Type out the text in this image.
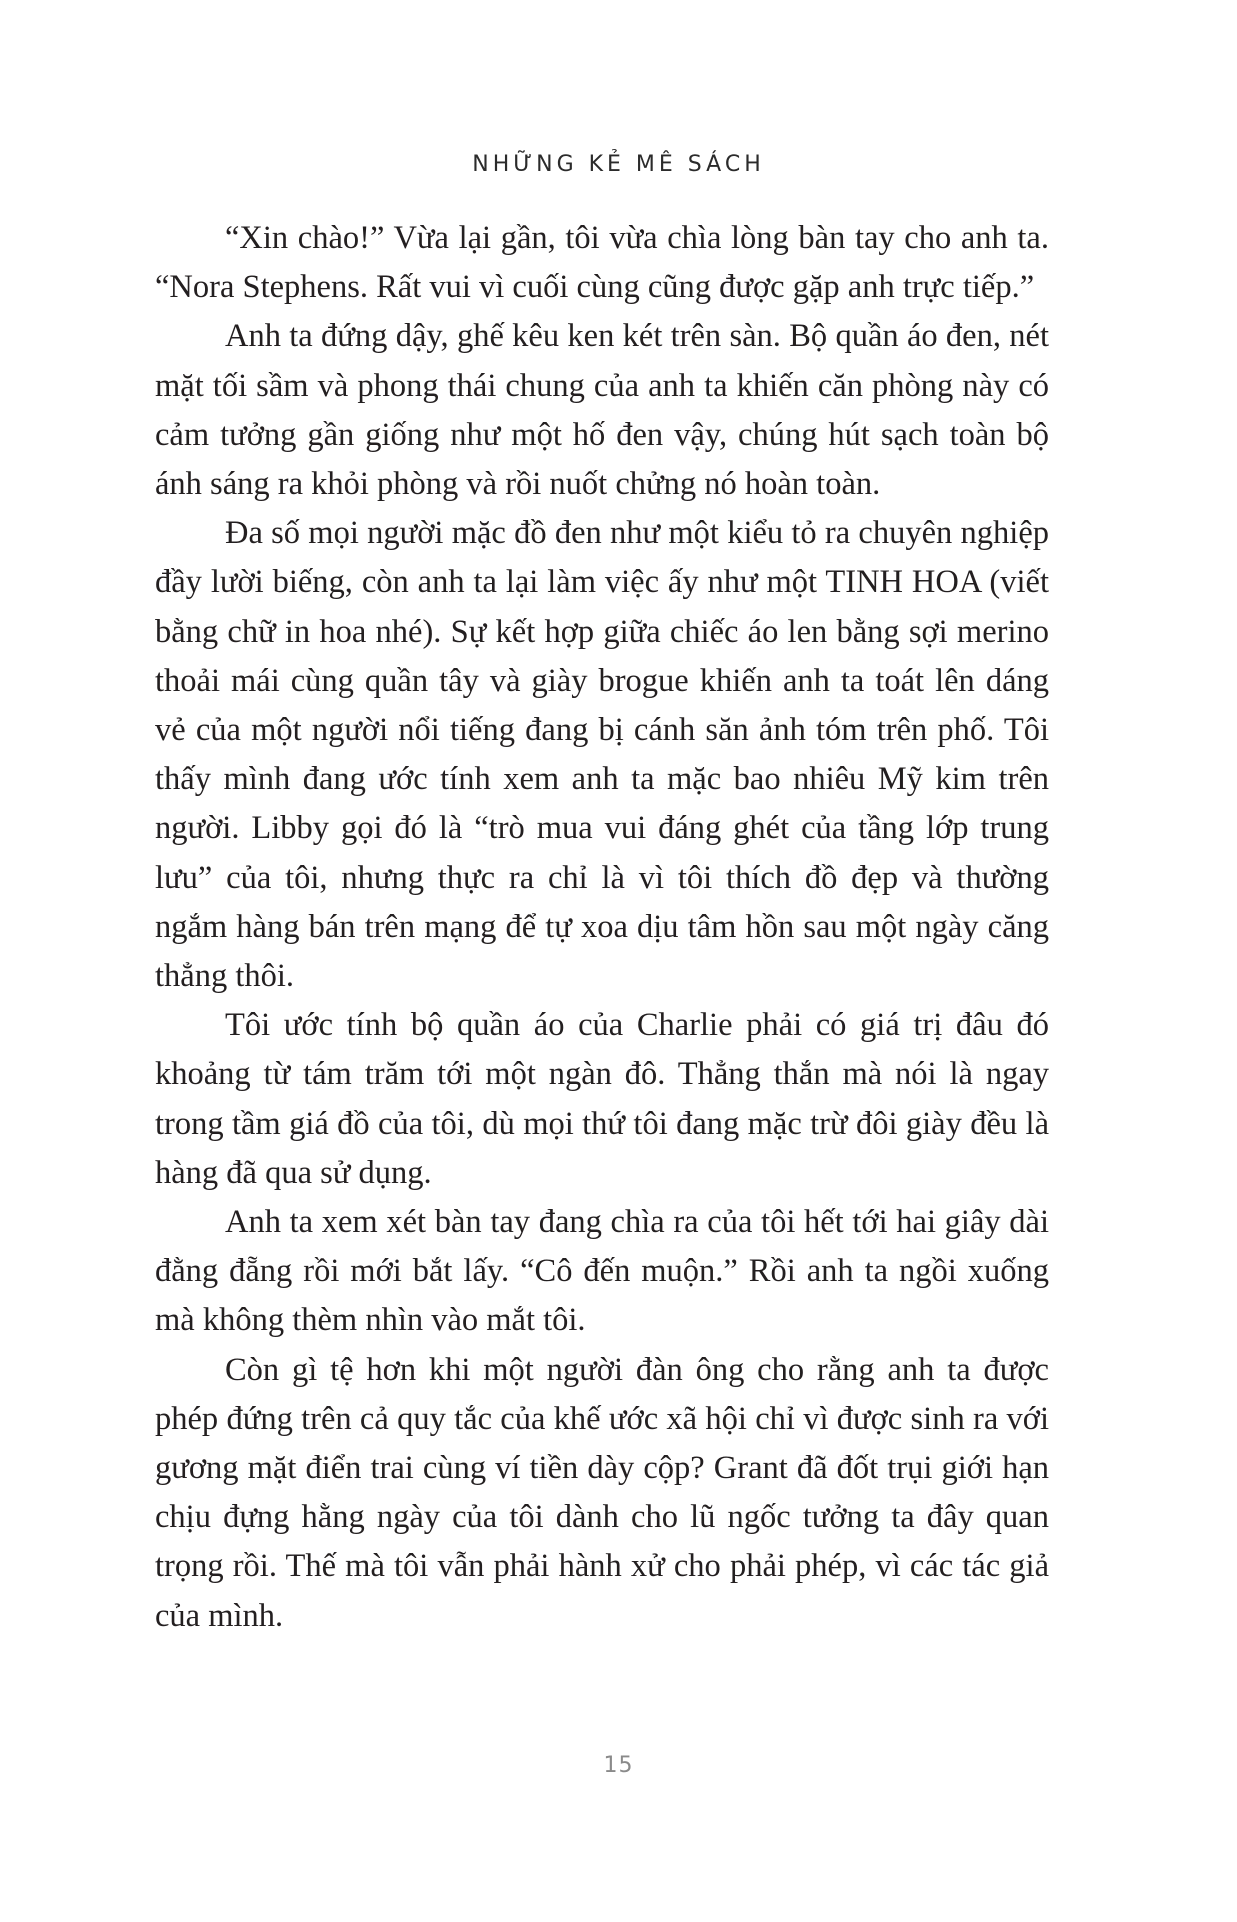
NHỮNG KẺ MÊ SÁCH

“Xin chào!” Vừa lại gần, tôi vừa chìa lòng bàn tay cho anh ta. “Nora Stephens. Rất vui vì cuối cùng cũng được gặp anh trực tiếp.”

Anh ta đứng dậy, ghế kêu ken két trên sàn. Bộ quần áo đen, nét mặt tối sầm và phong thái chung của anh ta khiến căn phòng này có cảm tưởng gần giống như một hố đen vậy, chúng hút sạch toàn bộ ánh sáng ra khỏi phòng và rồi nuốt chửng nó hoàn toàn.

Đa số mọi người mặc đồ đen như một kiểu tỏ ra chuyên nghiệp đầy lười biếng, còn anh ta lại làm việc ấy như một TINH HOA (viết bằng chữ in hoa nhé). Sự kết hợp giữa chiếc áo len bằng sợi merino thoải mái cùng quần tây và giày brogue khiến anh ta toát lên dáng vẻ của một người nổi tiếng đang bị cánh săn ảnh tóm trên phố. Tôi thấy mình đang ước tính xem anh ta mặc bao nhiêu Mỹ kim trên người. Libby gọi đó là “trò mua vui đáng ghét của tầng lớp trung lưu” của tôi, nhưng thực ra chỉ là vì tôi thích đồ đẹp và thường ngắm hàng bán trên mạng để tự xoa dịu tâm hồn sau một ngày căng thẳng thôi.

Tôi ước tính bộ quần áo của Charlie phải có giá trị đâu đó khoảng từ tám trăm tới một ngàn đô. Thẳng thắn mà nói là ngay trong tầm giá đồ của tôi, dù mọi thứ tôi đang mặc trừ đôi giày đều là hàng đã qua sử dụng.

Anh ta xem xét bàn tay đang chìa ra của tôi hết tới hai giây dài đằng đẵng rồi mới bắt lấy. “Cô đến muộn.” Rồi anh ta ngồi xuống mà không thèm nhìn vào mắt tôi.

Còn gì tệ hơn khi một người đàn ông cho rằng anh ta được phép đứng trên cả quy tắc của khế ước xã hội chỉ vì được sinh ra với gương mặt điển trai cùng ví tiền dày cộp? Grant đã đốt trụi giới hạn chịu đựng hằng ngày của tôi dành cho lũ ngốc tưởng ta đây quan trọng rồi. Thế mà tôi vẫn phải hành xử cho phải phép, vì các tác giả của mình.

15
